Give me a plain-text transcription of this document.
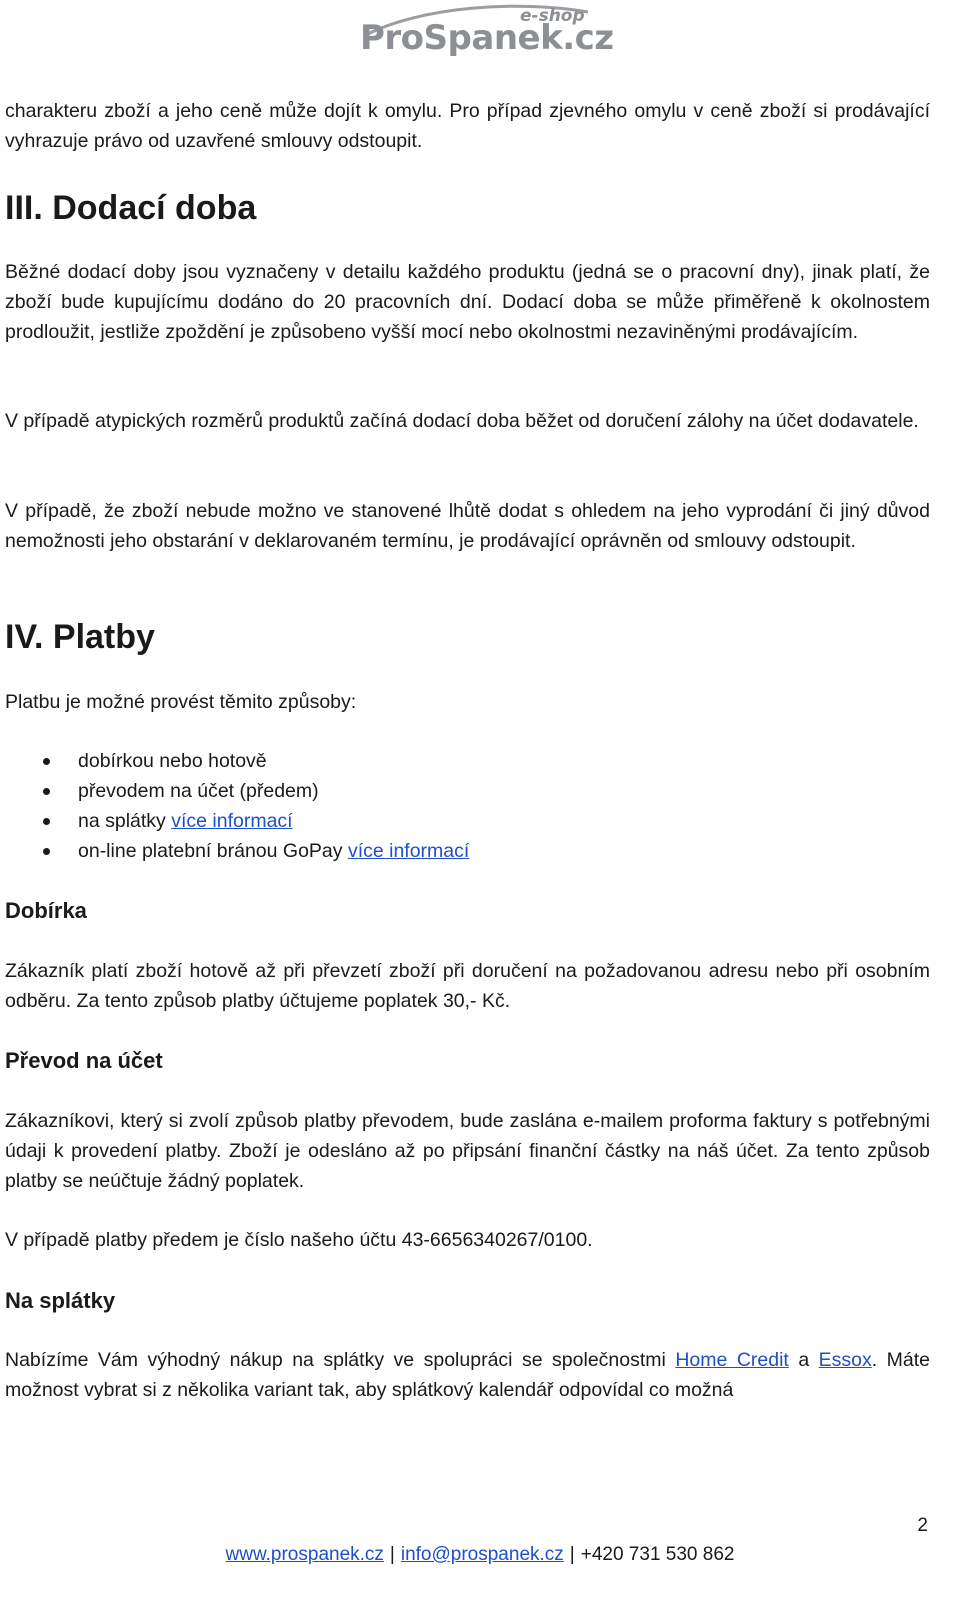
e-shop
ProSpanek.cz

charakteru zboží a jeho ceně může dojít k omylu. Pro případ zjevného omylu v ceně zboží si prodávající vyhrazuje právo od uzavřené smlouvy odstoupit.

III. Dodací doba

Běžné dodací doby jsou vyznačeny v detailu každého produktu (jedná se o pracovní dny), jinak platí, že zboží bude kupujícímu dodáno do 20 pracovních dní. Dodací doba se může přiměřeně k okolnostem prodloužit, jestliže zpoždění je způsobeno vyšší mocí nebo okolnostmi nezaviněnými prodávajícím.

V případě atypických rozměrů produktů začíná dodací doba běžet od doručení zálohy na účet dodavatele.

V případě, že zboží nebude možno ve stanovené lhůtě dodat s ohledem na jeho vyprodání či jiný důvod nemožnosti jeho obstarání v deklarovaném termínu, je prodávající oprávněn od smlouvy odstoupit.

IV. Platby

Platbu je možné provést těmito způsoby:

dobírkou nebo hotově
převodem na účet (předem)
na splátky více informací
on-line platební bránou GoPay více informací
Dobírka

Zákazník platí zboží hotově až při převzetí zboží při doručení na požadovanou adresu nebo při osobním odběru. Za tento způsob platby účtujeme poplatek 30,- Kč.

Převod na účet

Zákazníkovi, který si zvolí způsob platby převodem, bude zaslána e-mailem proforma faktury s potřebnými údaji k provedení platby. Zboží je odesláno až po připsání finanční částky na náš účet. Za tento způsob platby se neúčtuje žádný poplatek.

V případě platby předem je číslo našeho účtu 43-6656340267/0100.

Na splátky

Nabízíme Vám výhodný nákup na splátky ve spolupráci se společnostmi Home Credit a Essox. Máte možnost vybrat si z několika variant tak, aby splátkový kalendář odpovídal co možná

2
www.prospanek.cz | info@prospanek.cz | +420 731 530 862
